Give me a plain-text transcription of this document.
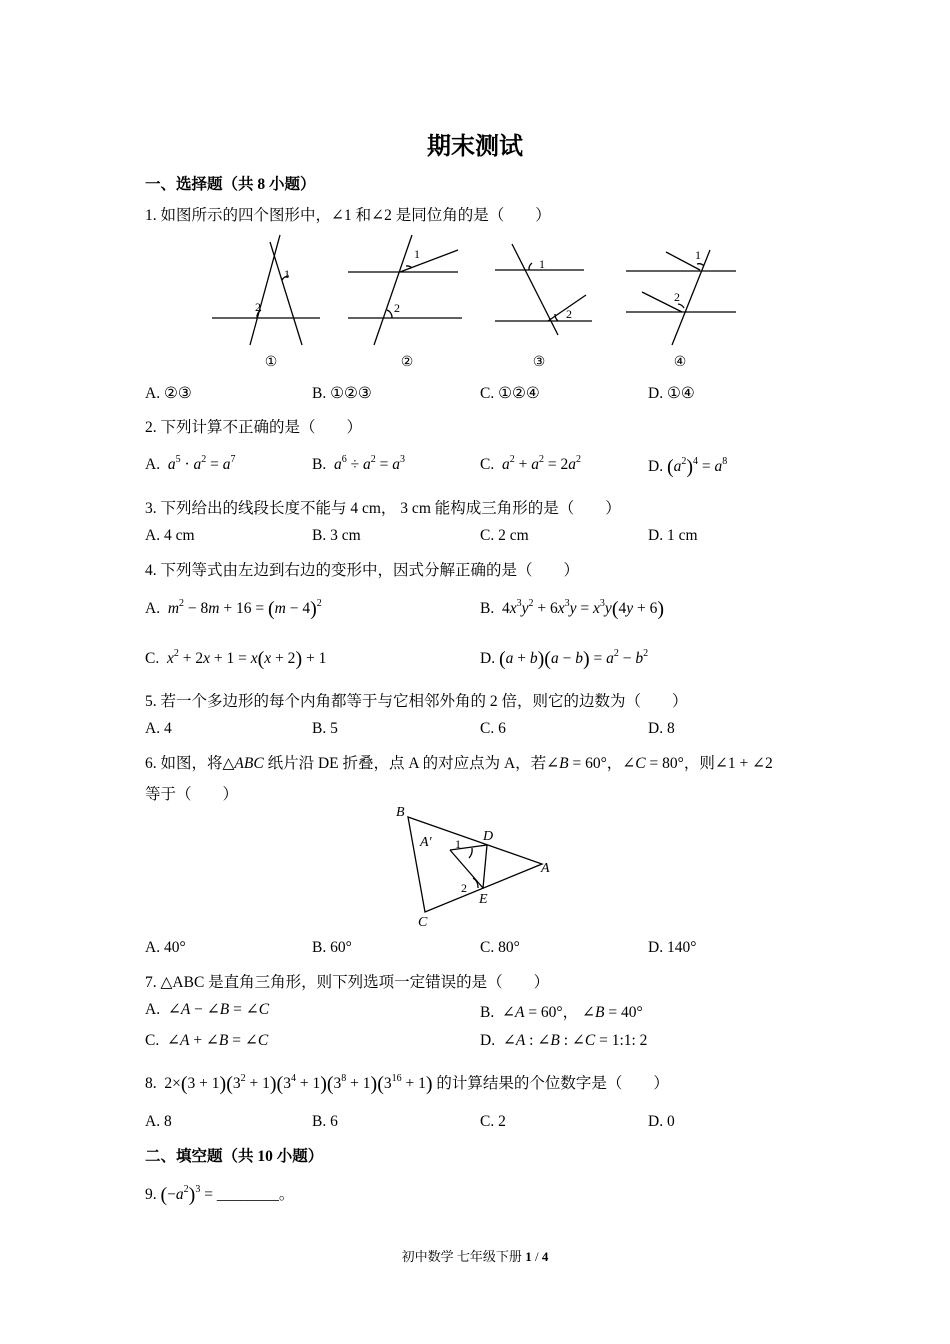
期末测试
一、选择题（共 8 小题）
1. 如图所示的四个图形中，∠1 和∠2 是同位角的是（　　）
1
2
1
2
1
2
1
2
①	②	③	④
A. ②③	B. ①②③	C. ①②④	D. ①④
2. 下列计算不正确的是（　　）
A. $a^5 \cdot a^2 = a^7$	B. $a^6 \div a^2 = a^3$	C. $a^2 + a^2 = 2a^2$	D. $(a^2)^4 = a^8$
3. 下列给出的线段长度不能与 4 cm， 3 cm 能构成三角形的是（　　）
A. 4 cm	B. 3 cm	C. 2 cm	D. 1 cm
4. 下列等式由左边到右边的变形中，因式分解正确的是（　　）
A. $m^2 - 8m + 16 = (m - 4)^2$	B.  $4x^3y^2 + 6x^3y = x^3y(4y + 6)$
C. $x^2 + 2x + 1 = x(x + 2) + 1$	D. $(a + b)(a - b) = a^2 - b^2$
5. 若一个多边形的每个内角都等于与它相邻外角的 2 倍，则它的边数为（　　）
A. 4	B. 5	C. 6	D. 8
6. 如图，将△ABC 纸片沿 DE 折叠，点 A 的对应点为 A，若∠B = 60°，∠C = 80°，则∠1 + ∠2
等于（　　）
B
A′	D
A
E
C
1
2
A. 40°	B. 60°	C. 80°	D. 140°
7. △ABC 是直角三角形，则下列选项一定错误的是（　　）
A.  ∠A − ∠B = ∠C	B.  ∠A = 60°， ∠B = 40°
C.  ∠A + ∠B = ∠C	D.  ∠A : ∠B : ∠C = 1:1: 2
8.  $2\times(3 + 1)(3^2 + 1)(3^4 + 1)(3^8 + 1)(3^{16} + 1)$ 的计算结果的个位数字是（　　）
A. 8	B. 6	C. 2	D. 0
二、填空题（共 10 小题）
9. $(-a^2)^3$ = ________。
初中数学 七年级下册 1 / 4
